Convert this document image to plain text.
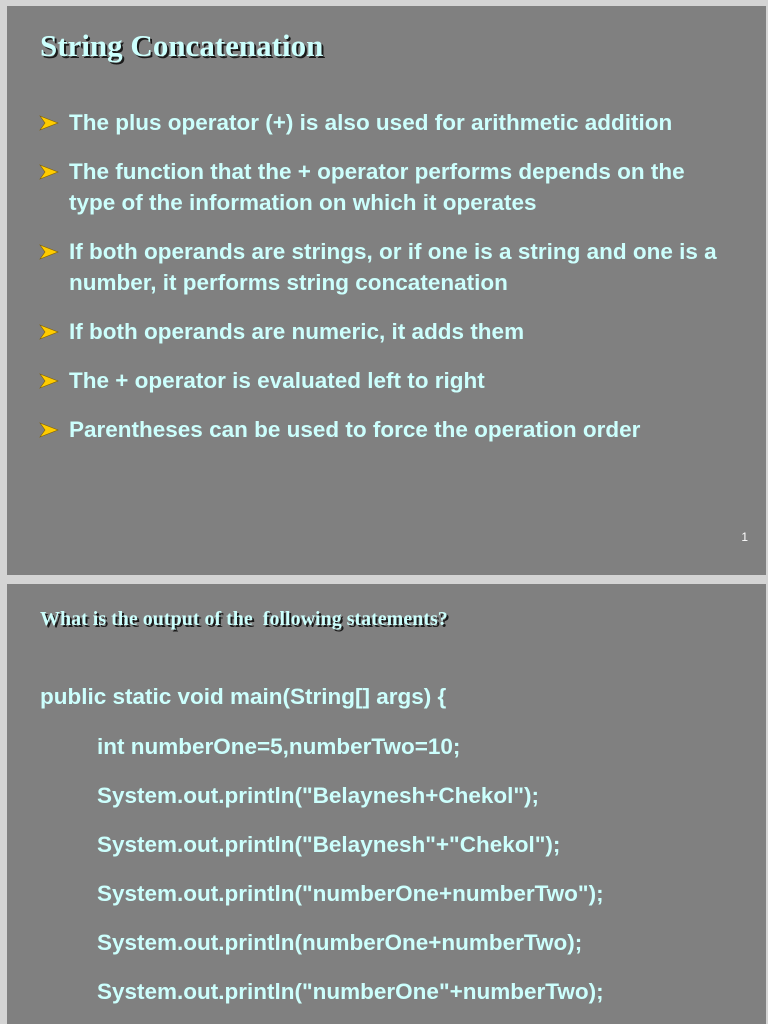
String Concatenation
The plus operator (+) is also used for arithmetic addition
The function that the + operator performs depends on the type of the information on which it operates
If both operands are strings, or if one is a string and one is a number, it performs string concatenation
If both operands are numeric, it adds them
The + operator is evaluated left to right
Parentheses can be used to force the operation order
1
What is the output of the  following statements?
public static void main(String[] args) {
int numberOne=5,numberTwo=10;
System.out.println("Belaynesh+Chekol");
System.out.println("Belaynesh"+"Chekol");
System.out.println("numberOne+numberTwo");
System.out.println(numberOne+numberTwo);
System.out.println("numberOne"+numberTwo);
